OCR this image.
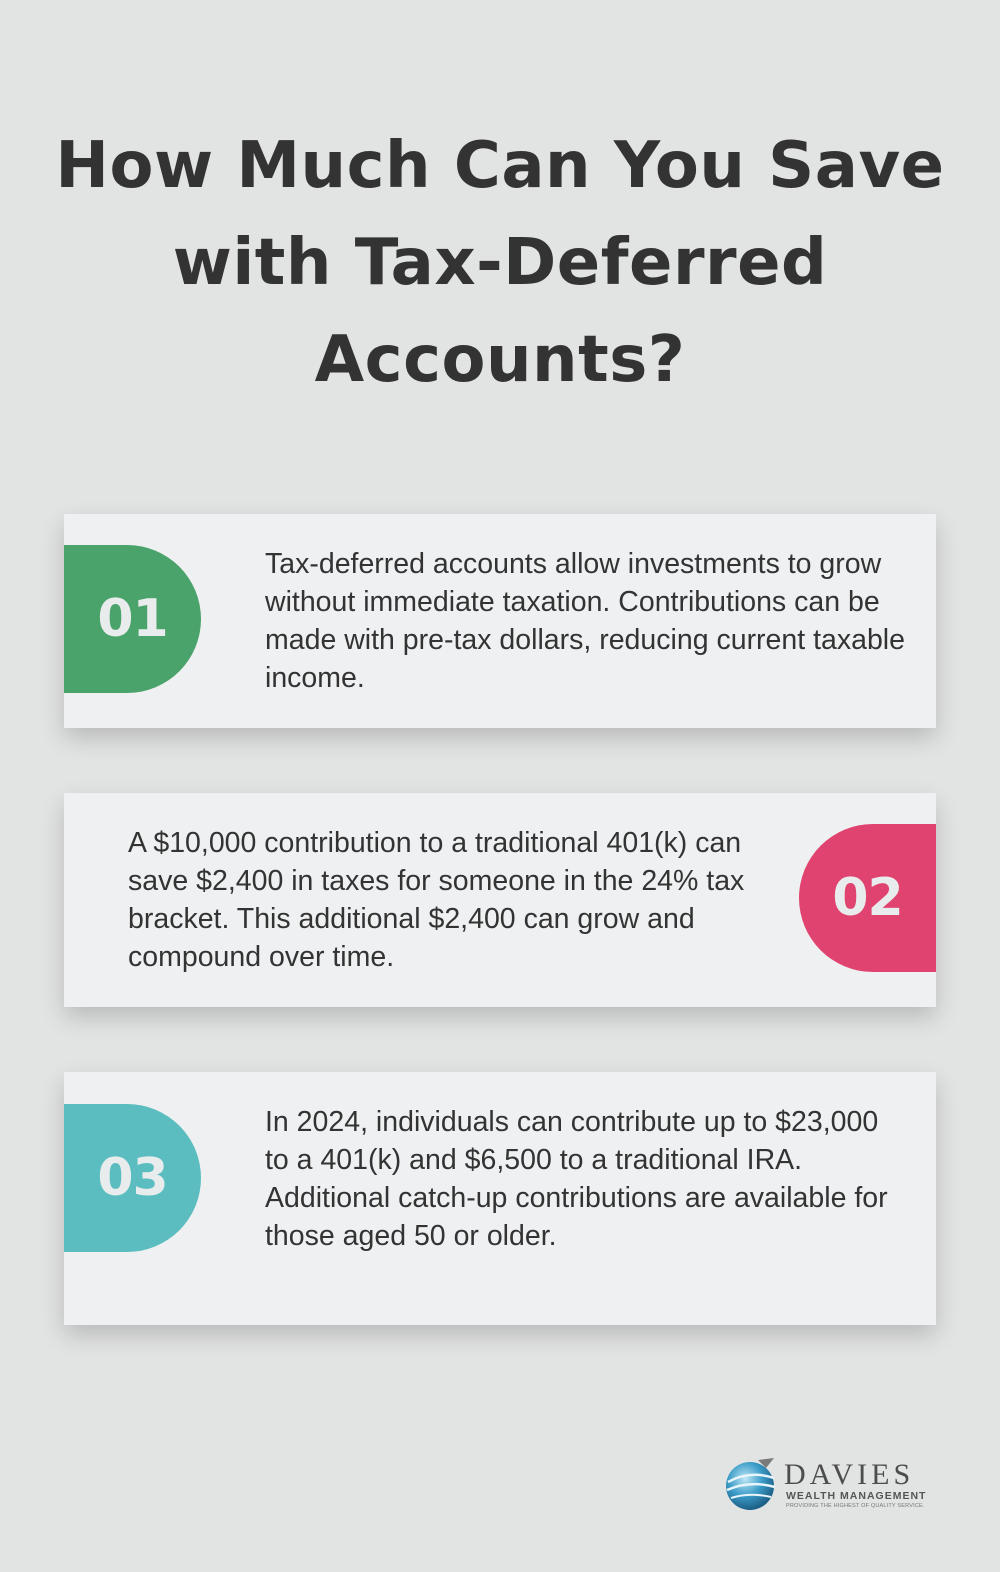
How Much Can You Save with Tax-Deferred Accounts?
01

Tax-deferred accounts allow investments to grow without immediate taxation. Contributions can be made with pre-tax dollars, reducing current taxable income.

A $10,000 contribution to a traditional 401(k) can save $2,400 in taxes for someone in the 24% tax bracket. This additional $2,400 can grow and compound over time.

02
03

In 2024, individuals can contribute up to $23,000 to a 401(k) and $6,500 to a traditional IRA. Additional catch-up contributions are available for those aged 50 or older.

DAVIES
WEALTH MANAGEMENT
PROVIDING THE HIGHEST OF QUALITY SERVICE.
